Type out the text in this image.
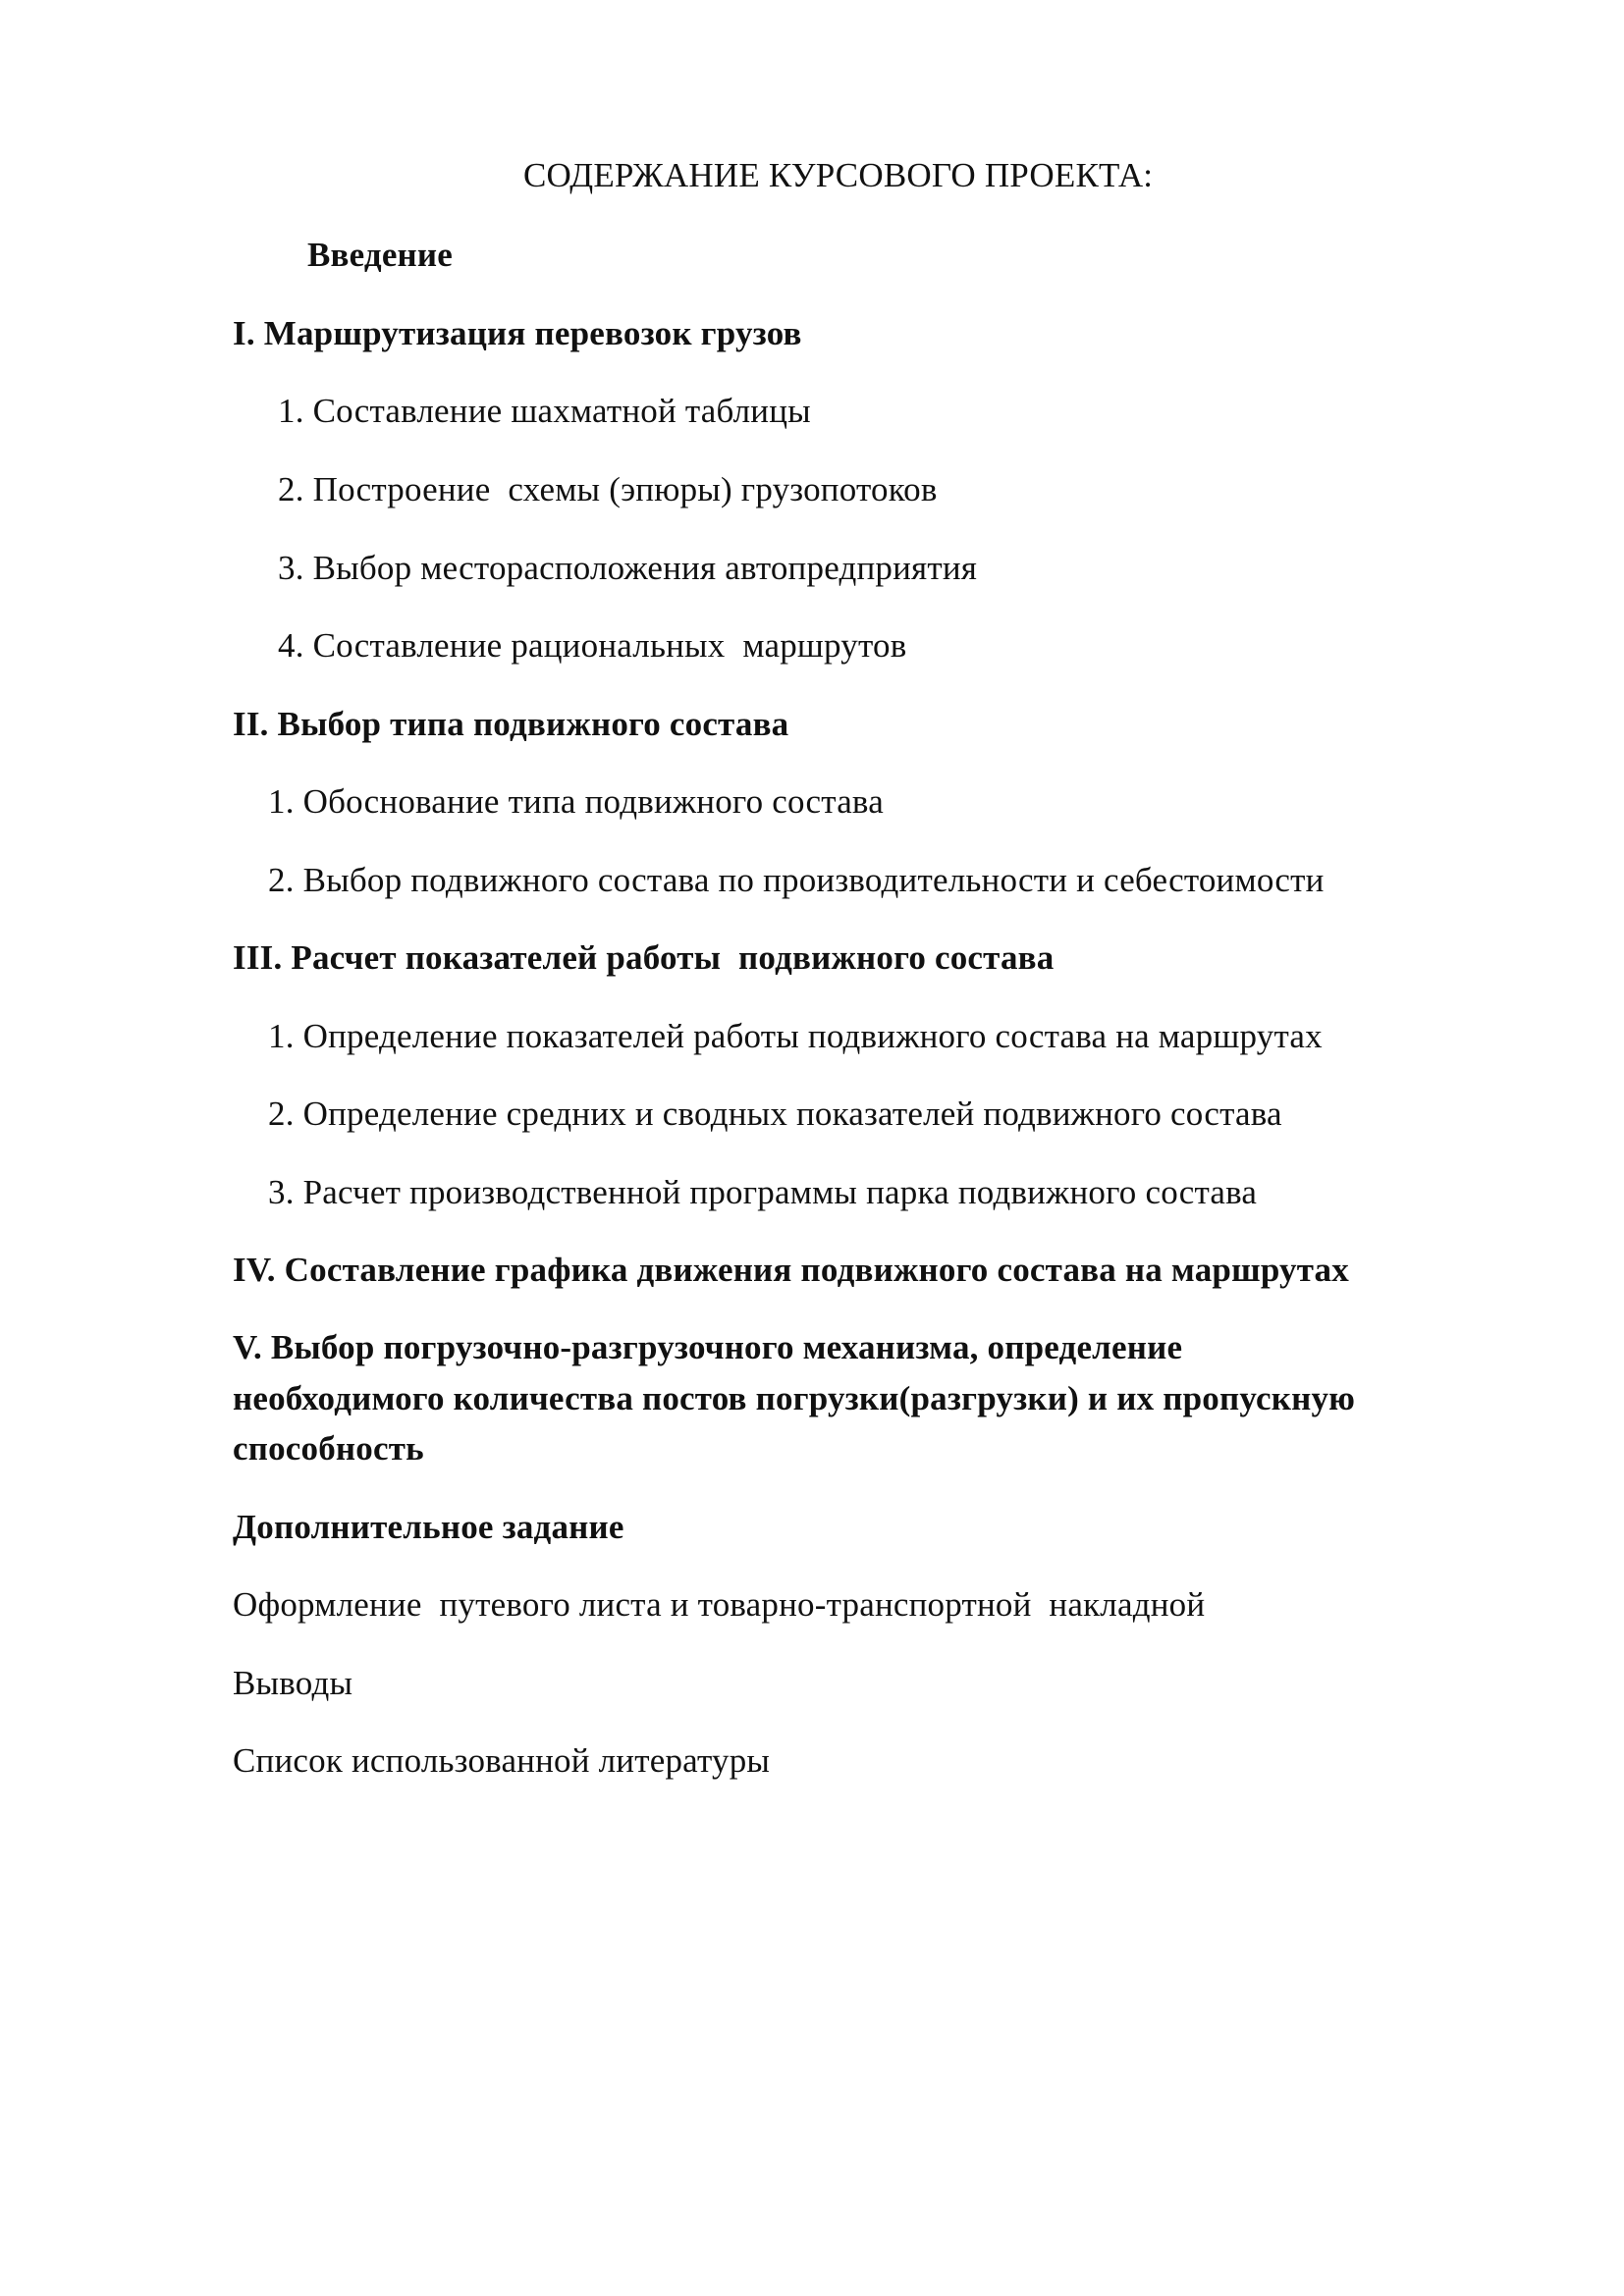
СОДЕРЖАНИЕ КУРСОВОГО ПРОЕКТА:
Введение
I. Маршрутизация перевозок грузов
1. Составление шахматной таблицы
2. Построение  схемы (эпюры) грузопотоков
3. Выбор месторасположения автопредприятия
4. Составление рациональных  маршрутов
II. Выбор типа подвижного состава
1. Обоснование типа подвижного состава
2. Выбор подвижного состава по производительности и себестоимости
III. Расчет показателей работы  подвижного состава
1. Определение показателей работы подвижного состава на маршрутах
2. Определение средних и сводных показателей подвижного состава
3. Расчет производственной программы парка подвижного состава
IV. Составление графика движения подвижного состава на маршрутах
V. Выбор погрузочно-разгрузочного механизма, определение
необходимого количества постов погрузки(разгрузки) и их пропускную
способность
Дополнительное задание
Оформление  путевого листа и товарно-транспортной  накладной
Выводы
Список использованной литературы
